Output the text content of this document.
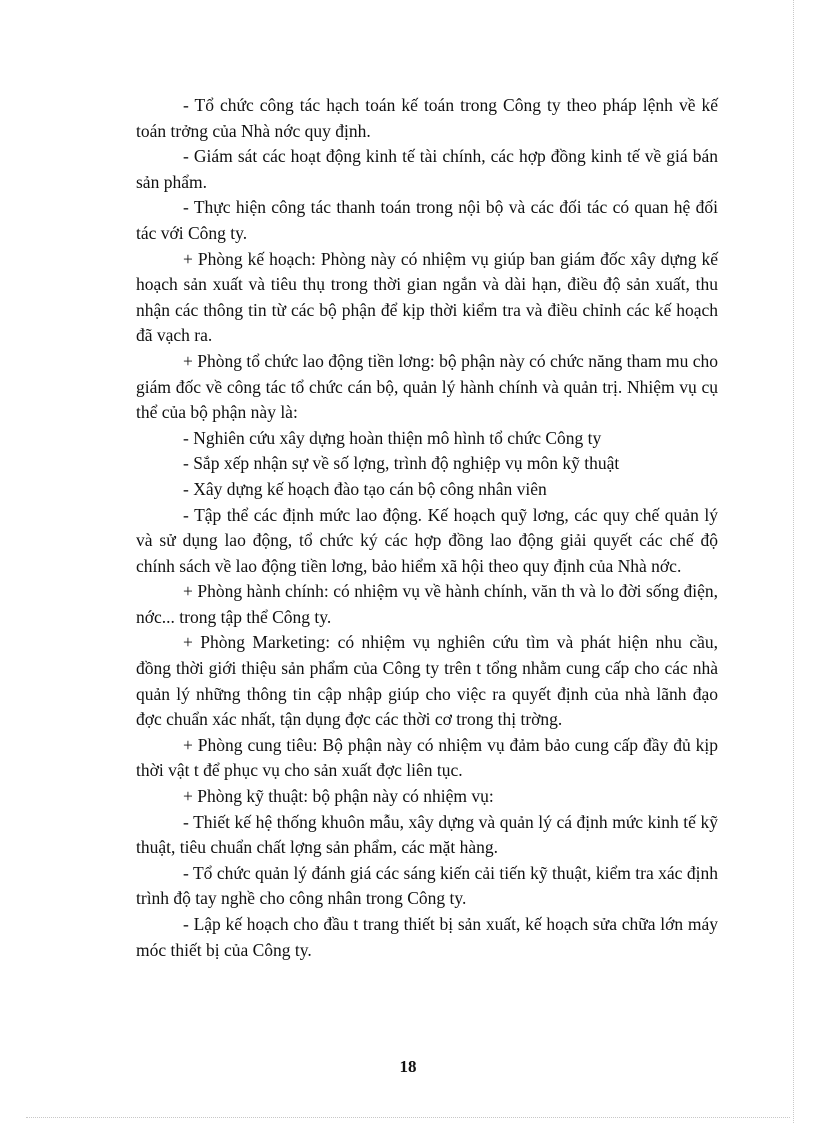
- Tổ chức công tác hạch toán kế toán trong Công ty theo pháp lệnh về kế toán trởng của Nhà nớc quy định.

- Giám sát các hoạt động kinh tế tài chính, các hợp đồng kinh tế về giá bán sản phẩm.

- Thực hiện công tác thanh toán trong nội bộ và các đối tác có quan hệ đối tác với Công ty.

+ Phòng kế hoạch: Phòng này có nhiệm vụ giúp ban giám đốc xây dựng kế hoạch sản xuất và tiêu thụ trong thời gian ngắn và dài hạn, điều độ sản xuất, thu nhận các thông tin từ các bộ phận để kịp thời kiểm tra và điều chỉnh các kế hoạch đã vạch ra.

+ Phòng tổ chức lao động tiền lơng: bộ phận này có chức năng tham mu cho giám đốc về công tác tổ chức cán bộ, quản lý hành chính và quản trị. Nhiệm vụ cụ thể của bộ phận này là:

- Nghiên cứu xây dựng hoàn thiện mô hình tổ chức Công ty

- Sắp xếp nhận sự về số lợng, trình độ nghiệp vụ môn kỹ thuật

- Xây dựng kế hoạch đào tạo cán bộ công nhân viên

- Tập thể các định mức lao động. Kế hoạch quỹ lơng, các quy chế quản lý và sử dụng lao động, tổ chức ký các hợp đồng lao động giải quyết các chế độ chính sách về lao động tiền lơng, bảo hiểm xã hội theo quy định của Nhà nớc.

+ Phòng hành chính: có nhiệm vụ về hành chính, văn th và lo đời sống điện, nớc... trong tập thể Công ty.

+ Phòng Marketing: có nhiệm vụ nghiên cứu tìm và phát hiện nhu cầu, đồng thời giới thiệu sản phẩm của Công ty trên t tổng nhằm cung cấp cho các nhà quản lý những thông tin cập nhập giúp cho việc ra quyết định của nhà lãnh đạo đợc chuẩn xác nhất, tận dụng đợc các thời cơ trong thị trờng.

+ Phòng cung tiêu: Bộ phận này có nhiệm vụ đảm bảo cung cấp đầy đủ kịp thời vật t để phục vụ cho sản xuất đợc liên tục.

+ Phòng kỹ thuật: bộ phận này có nhiệm vụ:

- Thiết kế hệ thống khuôn mẫu, xây dựng và quản lý cá định mức kinh tế kỹ thuật, tiêu chuẩn chất lợng sản phẩm, các mặt hàng.

- Tổ chức quản lý đánh giá các sáng kiến cải tiến kỹ thuật, kiểm tra xác định trình độ tay nghề cho công nhân trong Công ty.

- Lập kế hoạch cho đầu t trang thiết bị sản xuất, kế hoạch sửa chữa lớn máy móc thiết bị của Công ty.

18
